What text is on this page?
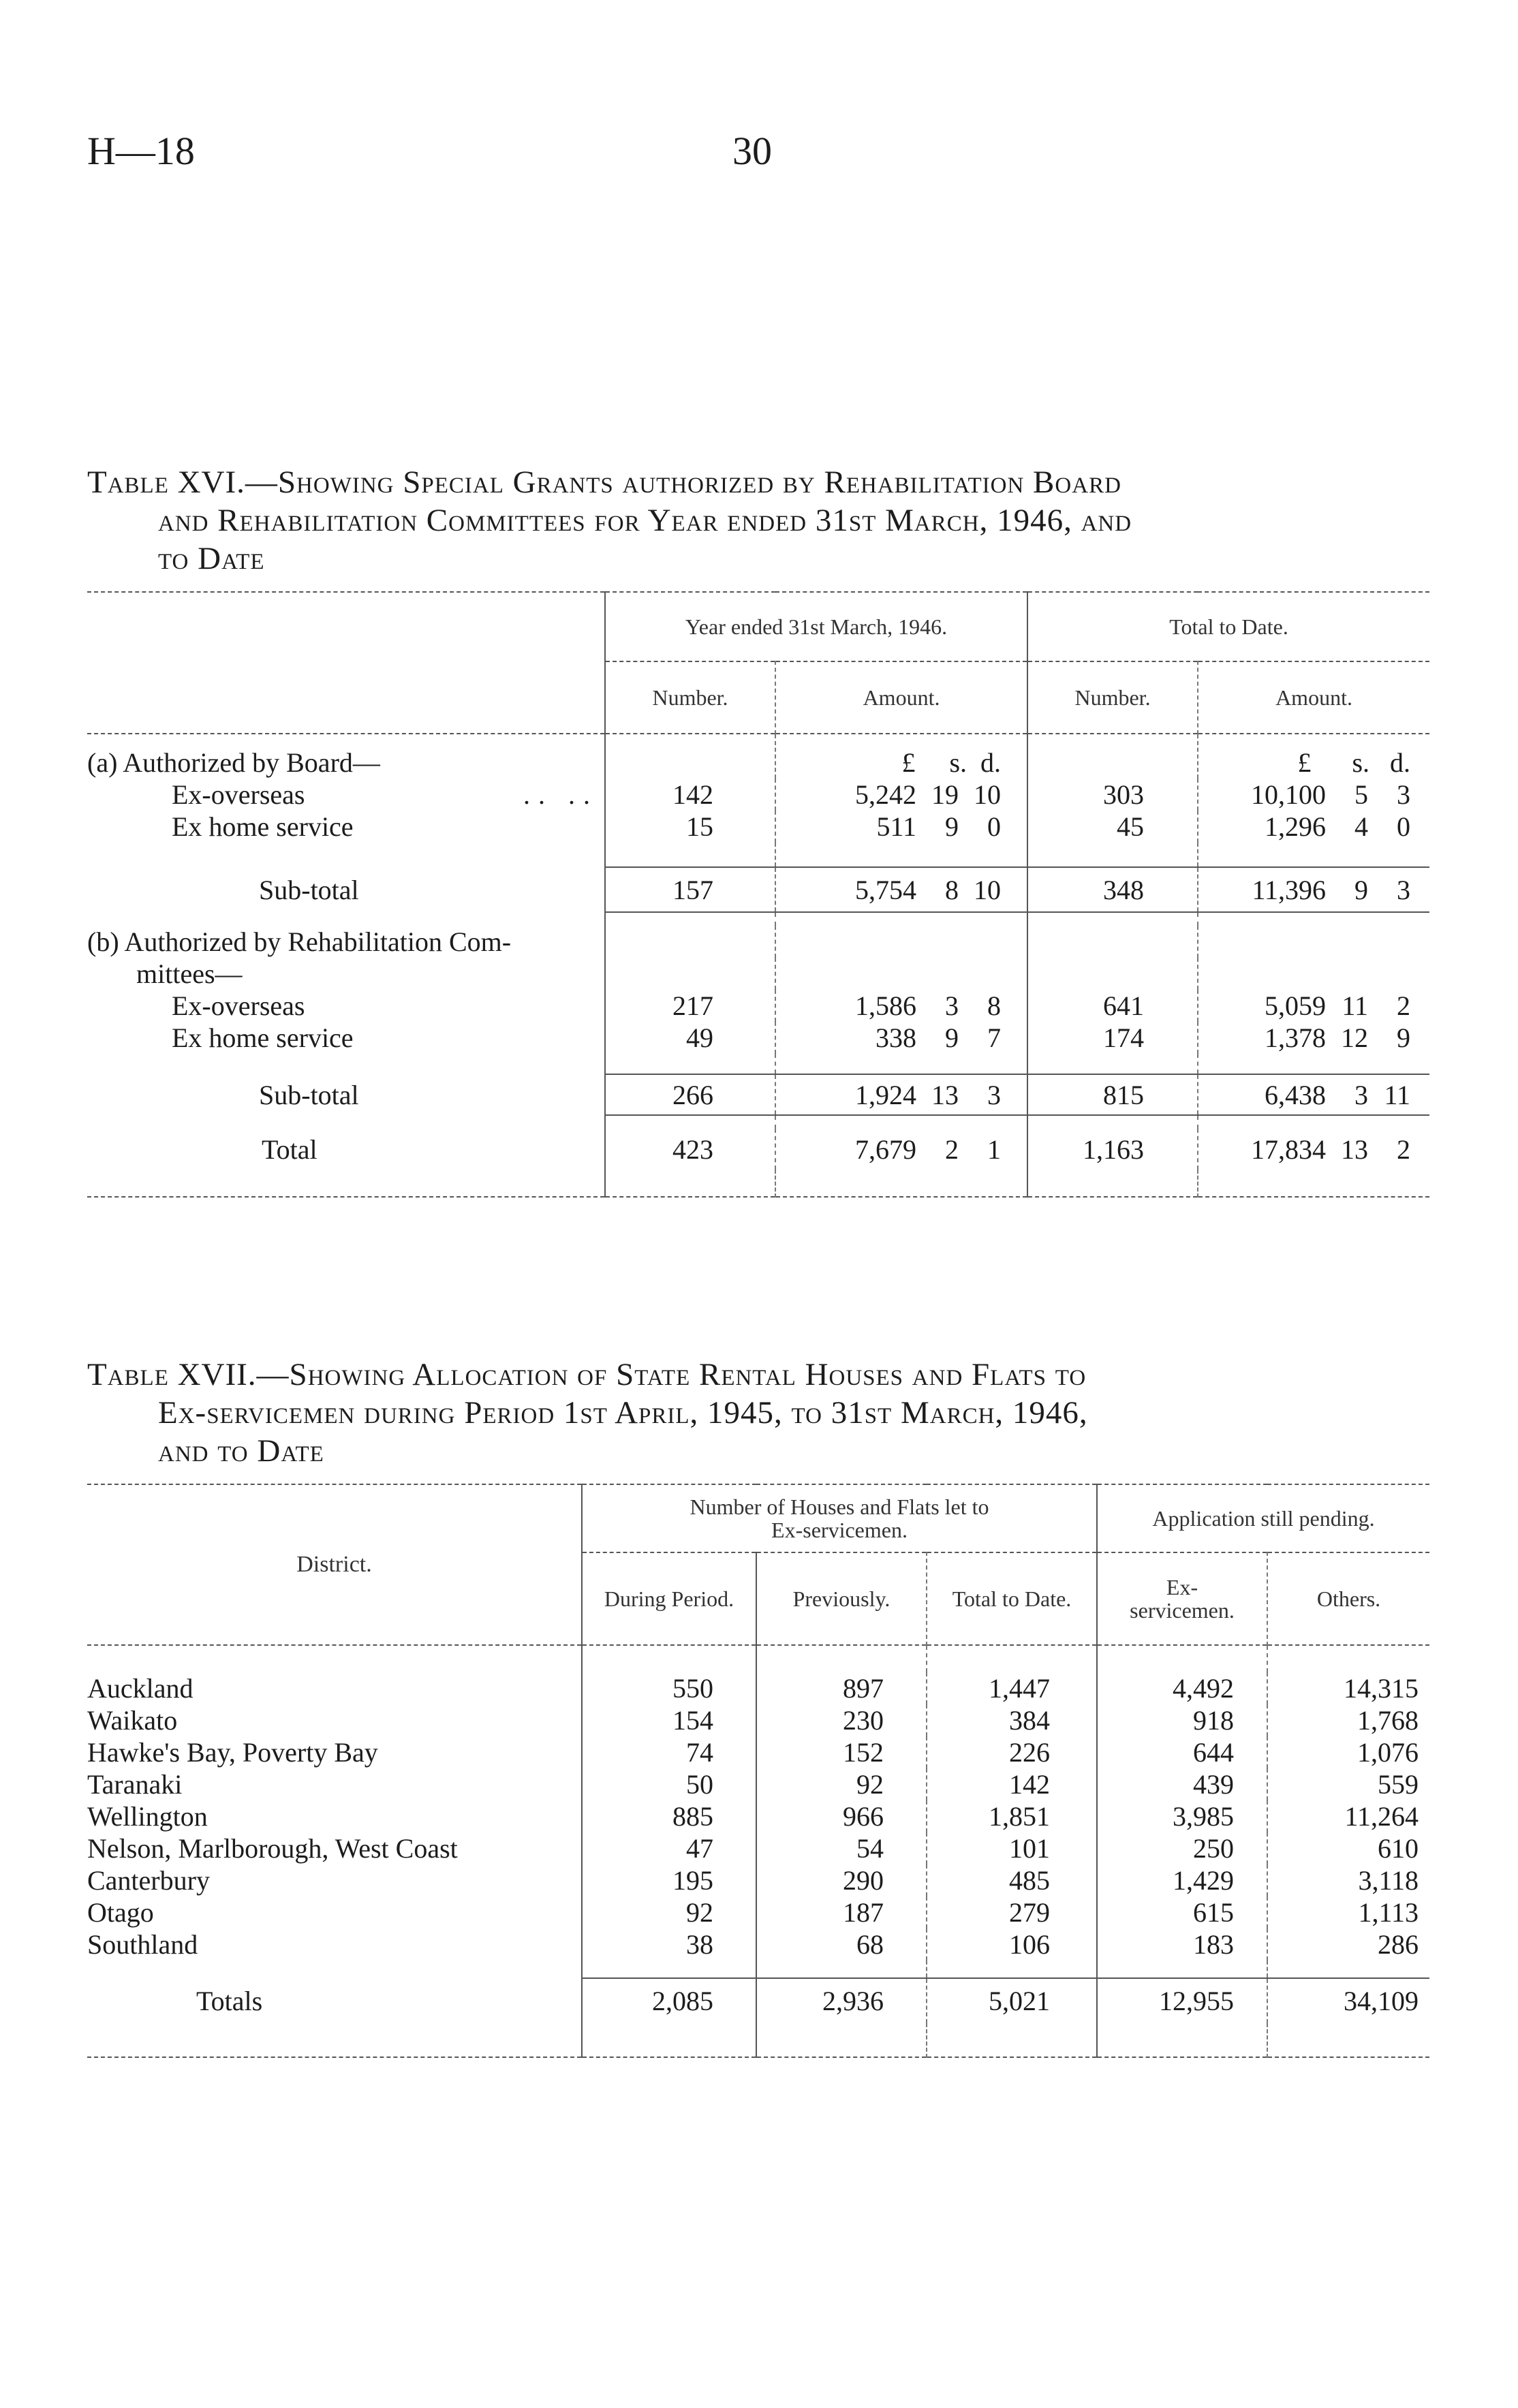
H—18	30
Table XVI.—Showing Special Grants authorized by Rehabilitation Board
and Rehabilitation Committees for Year ended 31st March, 1946, and
to Date
	Year ended 31st March, 1946.		Total to Date.	
	Number.	Amount.	Number.	Amount.
(a) Authorized by Board—		£ s. d.		£ s. d.
Ex-overseas .. ..	142	5,242 19 10	303	10,100 5 3
Ex home service	15	511 9 0	45	1,296 4 0

Sub-total	157	5,754 8 10	348	11,396 9 3

(b) Authorized by Rehabilitation Com-				
mittees—				
Ex-overseas	217	1,586 3 8	641	5,059 11 2
Ex home service	49	338 9 7	174	1,378 12 9

Sub-total	266	1,924 13 3	815	6,438 3 11

Total	423	7,679 2 1	1,163	17,834 13 2

Table XVII.—Showing Allocation of State Rental Houses and Flats to
Ex-servicemen during Period 1st April, 1945, to 31st March, 1946,
and to Date
District.	Number of Houses and Flats let to Ex-servicemen.			Application still pending.	
	During Period.	Previously.	Total to Date.	Ex-servicemen.	Others.

Auckland	550	897	1,447	4,492	14,315
Waikato	154	230	384	918	1,768
Hawke's Bay, Poverty Bay	74	152	226	644	1,076
Taranaki	50	92	142	439	559
Wellington	885	966	1,851	3,985	11,264
Nelson, Marlborough, West Coast	47	54	101	250	610
Canterbury	195	290	485	1,429	3,118
Otago	92	187	279	615	1,113
Southland	38	68	106	183	286

Totals	2,085	2,936	5,021	12,955	34,109
